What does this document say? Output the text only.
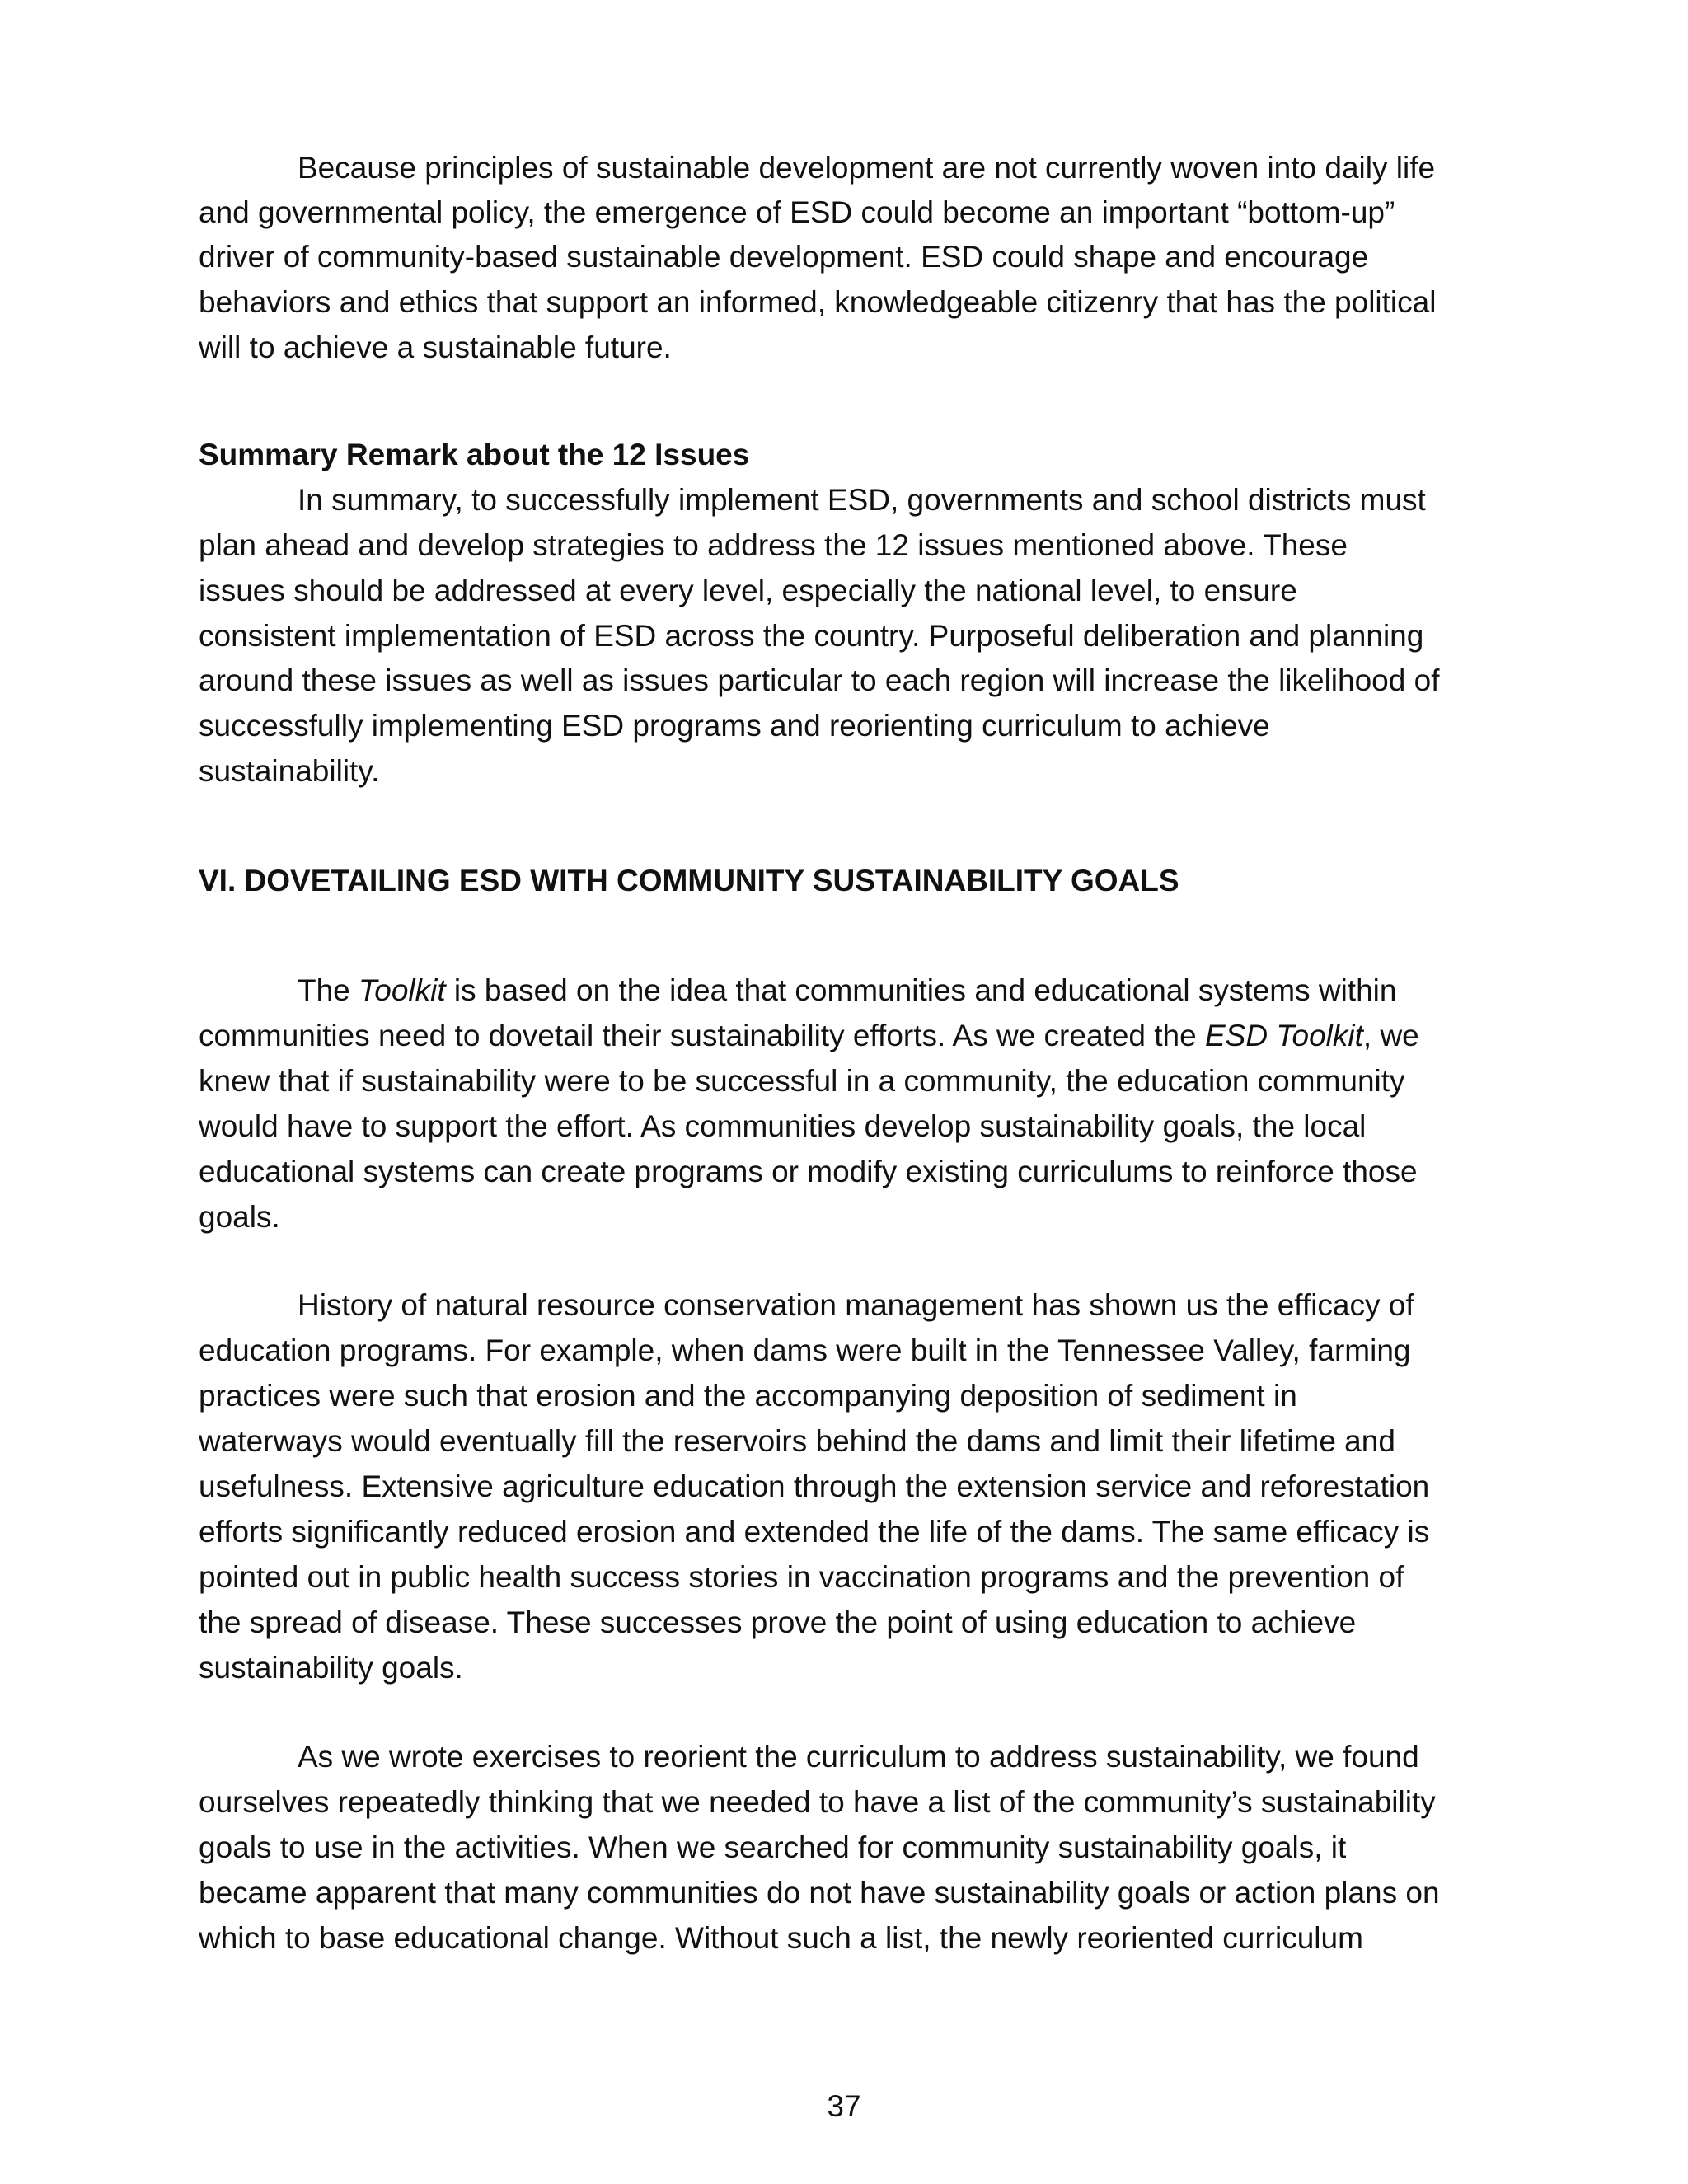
Because principles of sustainable development are not currently woven into daily life

and governmental policy, the emergence of ESD could become an important “bottom-up”

driver of community-based sustainable development. ESD could shape and encourage

behaviors and ethics that support an informed, knowledgeable citizenry that has the political

will to achieve a sustainable future.

Summary Remark about the 12 Issues

In summary, to successfully implement ESD, governments and school districts must

plan ahead and develop strategies to address the 12 issues mentioned above. These

issues should be addressed at every level, especially the national level, to ensure

consistent implementation of ESD across the country. Purposeful deliberation and planning

around these issues as well as issues particular to each region will increase the likelihood of

successfully implementing ESD programs and reorienting curriculum to achieve

sustainability.

VI. DOVETAILING ESD WITH COMMUNITY SUSTAINABILITY GOALS

The Toolkit is based on the idea that communities and educational systems within

communities need to dovetail their sustainability efforts. As we created the ESD Toolkit, we

knew that if sustainability were to be successful in a community, the education community

would have to support the effort. As communities develop sustainability goals, the local

educational systems can create programs or modify existing curriculums to reinforce those

goals.

History of natural resource conservation management has shown us the efficacy of

education programs. For example, when dams were built in the Tennessee Valley, farming

practices were such that erosion and the accompanying deposition of sediment in

waterways would eventually fill the reservoirs behind the dams and limit their lifetime and

usefulness. Extensive agriculture education through the extension service and reforestation

efforts significantly reduced erosion and extended the life of the dams. The same efficacy is

pointed out in public health success stories in vaccination programs and the prevention of

the spread of disease. These successes prove the point of using education to achieve

sustainability goals.

As we wrote exercises to reorient the curriculum to address sustainability, we found

ourselves repeatedly thinking that we needed to have a list of the community’s sustainability

goals to use in the activities. When we searched for community sustainability goals, it

became apparent that many communities do not have sustainability goals or action plans on

which to base educational change. Without such a list, the newly reoriented curriculum

37
